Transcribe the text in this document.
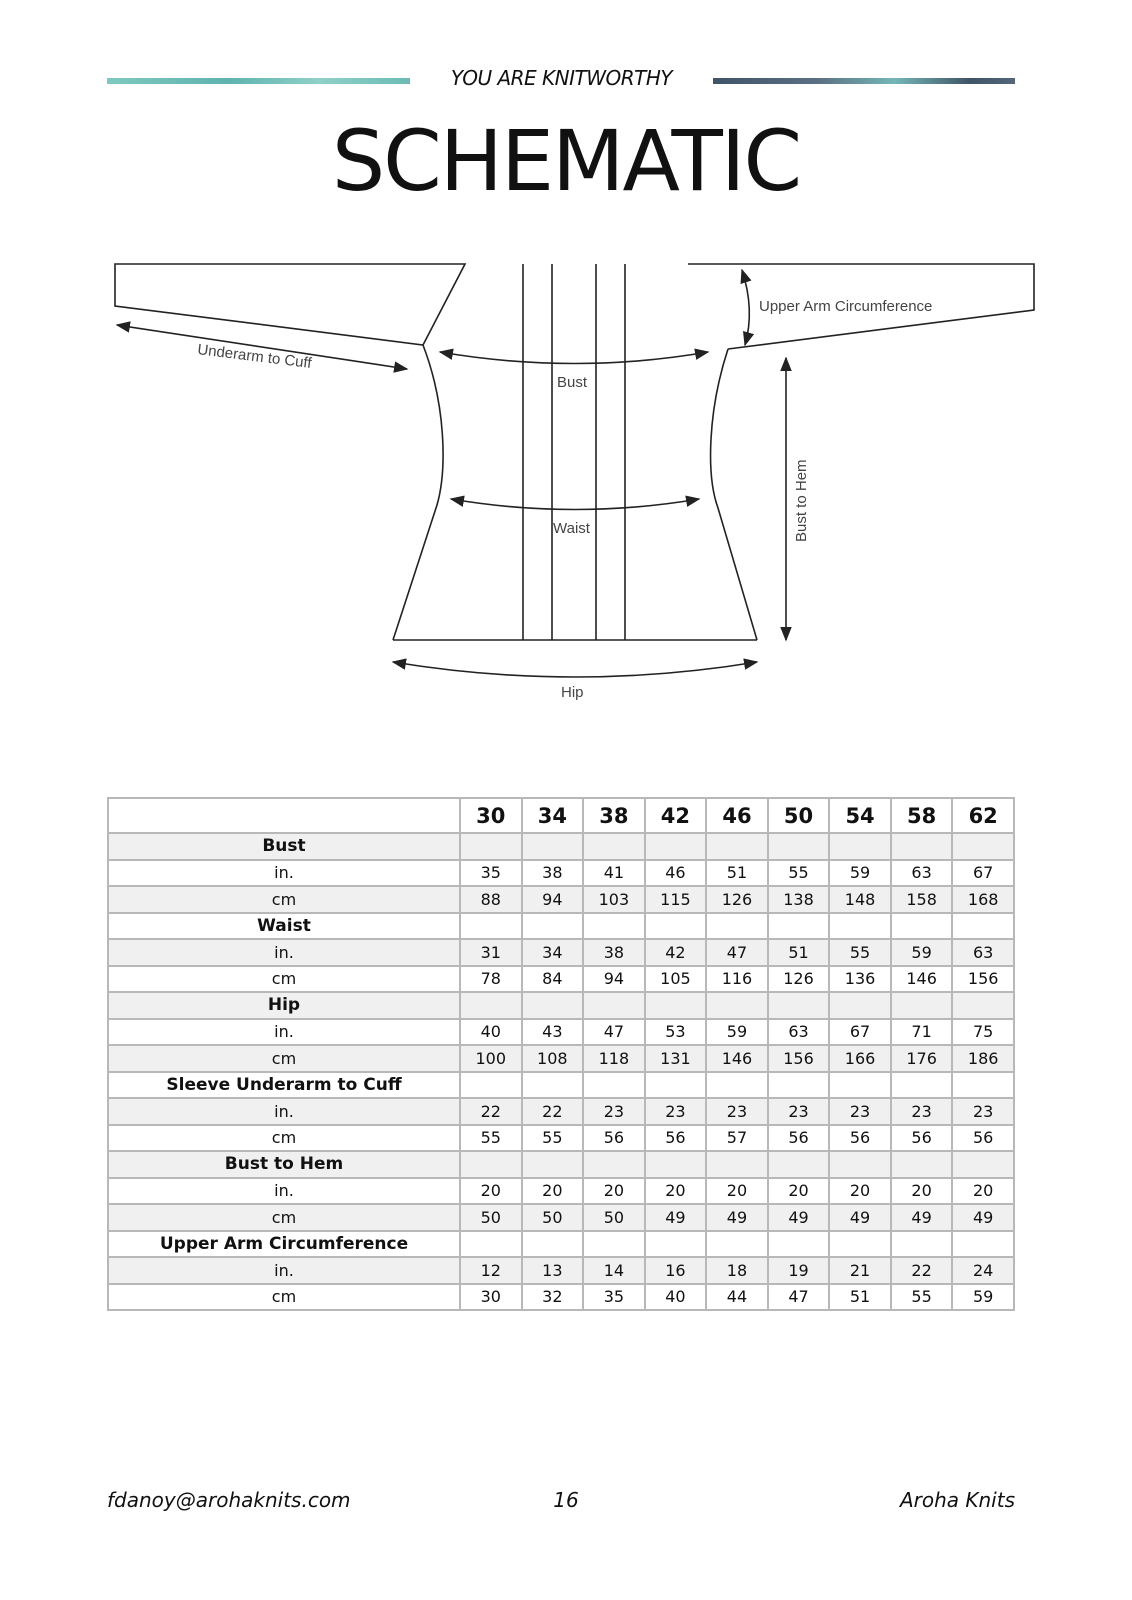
YOU ARE KNITWORTHY
SCHEMATIC
Upper Arm Circumference
Underarm to Cuff
Bust
Waist	Bust to Hem
Hip
	30	34	38	42	46	50	54	58	62
Bust									
in.	35	38	41	46	51	55	59	63	67
cm	88	94	103	115	126	138	148	158	168
Waist									
in.	31	34	38	42	47	51	55	59	63
cm	78	84	94	105	116	126	136	146	156
Hip									
in.	40	43	47	53	59	63	67	71	75
cm	100	108	118	131	146	156	166	176	186
Sleeve Underarm to Cuff									
in.	22	22	23	23	23	23	23	23	23
cm	55	55	56	56	57	56	56	56	56
Bust to Hem									
in.	20	20	20	20	20	20	20	20	20
cm	50	50	50	49	49	49	49	49	49
Upper Arm Circumference									
in.	12	13	14	16	18	19	21	22	24
cm	30	32	35	40	44	47	51	55	59
fdanoy@arohaknits.com	16	Aroha Knits
